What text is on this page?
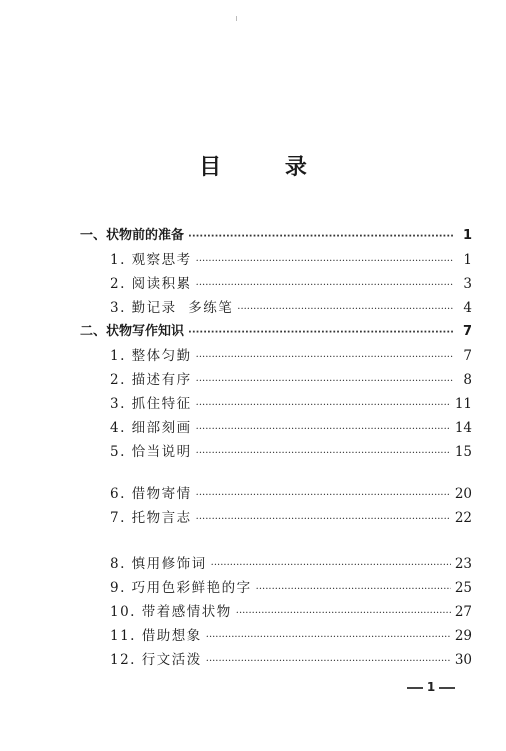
目 录
一、状物前的准备 ·····	1
1. 观察思考 ·····	1
2. 阅读积累 ·····	3
3. 勤记录  多练笔 ·····	4
二、状物写作知识 ·····	7
1. 整体匀勤 ·····	7
2. 描述有序 ·····	8
3. 抓住特征 ·····	11
4. 细部刻画 ·····	14
5. 恰当说明 ·····	15
6. 借物寄情 ·····	20
7. 托物言志 ·····	22
8. 慎用修饰词 ·····	23
9. 巧用色彩鲜艳的字 ·····	25
10. 带着感情状物 ·····	27
11. 借助想象 ·····	29
12. 行文活泼 ·····	30
1
